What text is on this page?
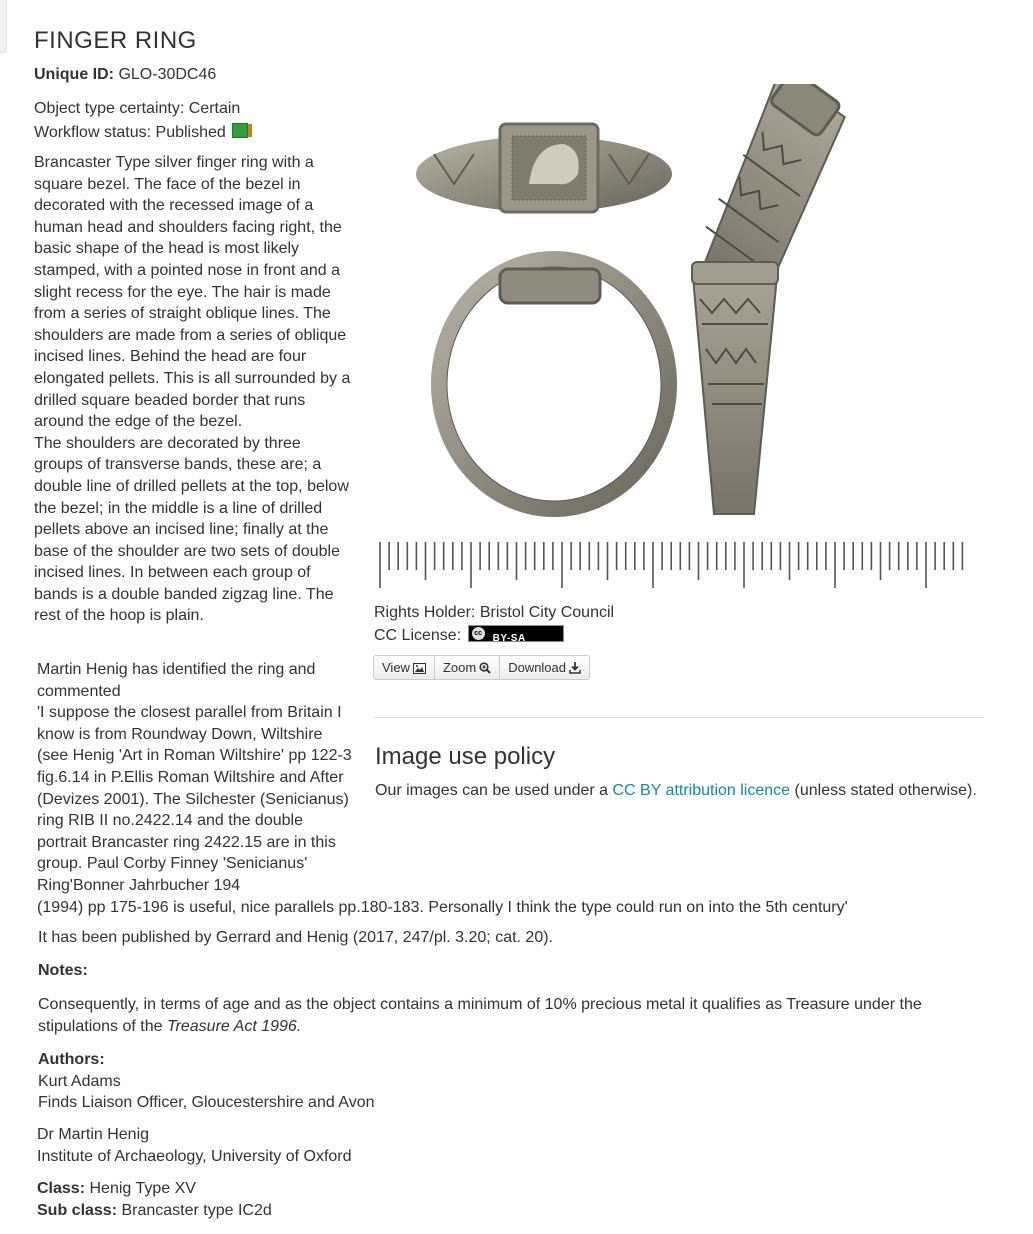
FINGER RING
Unique ID: GLO-30DC46
Object type certainty: Certain
Workflow status: Published

Brancaster Type silver finger ring with a square bezel. The face of the bezel in decorated with the recessed image of a human head and shoulders facing right, the basic shape of the head is most likely stamped, with a pointed nose in front and a slight recess for the eye. The hair is made from a series of straight oblique lines. The shoulders are made from a series of oblique incised lines. Behind the head are four elongated pellets. This is all surrounded by a drilled square beaded border that runs around the edge of the bezel.

The shoulders are decorated by three groups of transverse bands, these are; a double line of drilled pellets at the top, below the bezel; in the middle is a line of drilled pellets above an incised line; finally at the base of the shoulder are two sets of double incised lines. In between each group of bands is a double banded zigzag line. The rest of the hoop is plain.

Martin Henig has identified the ring and commented

'I suppose the closest parallel from Britain I know is from Roundway Down, Wiltshire (see Henig 'Art in Roman Wiltshire' pp 122-3 fig.6.14 in P.Ellis Roman Wiltshire and After (Devizes 2001). The Silchester (Senicianus) ring RIB II no.2422.14 and the double portrait Brancaster ring 2422.15 are in this group. Paul Corby Finney 'Senicianus' Ring'Bonner Jahrbucher 194

(1994) pp 175-196 is useful, nice parallels pp.180-183. Personally I think the type could run on into the 5th century'
It has been published by Gerrard and Henig (2017, 247/pl. 3.20; cat. 20).
Notes:
Consequently, in terms of age and as the object contains a minimum of 10% precious metal it qualifies as Treasure under the stipulations of the Treasure Act 1996.
Authors:
Kurt Adams
Finds Liaison Officer, Gloucestershire and Avon
Dr Martin Henig
Institute of Archaeology, University of Oxford
Class: Henig Type XV
Sub class: Brancaster type IC2d
Rights Holder: Bristol City Council
CC License:	cc BY-SA
View	Zoom	Download
Image use policy
Our images can be used under a CC BY attribution licence (unless stated otherwise).
